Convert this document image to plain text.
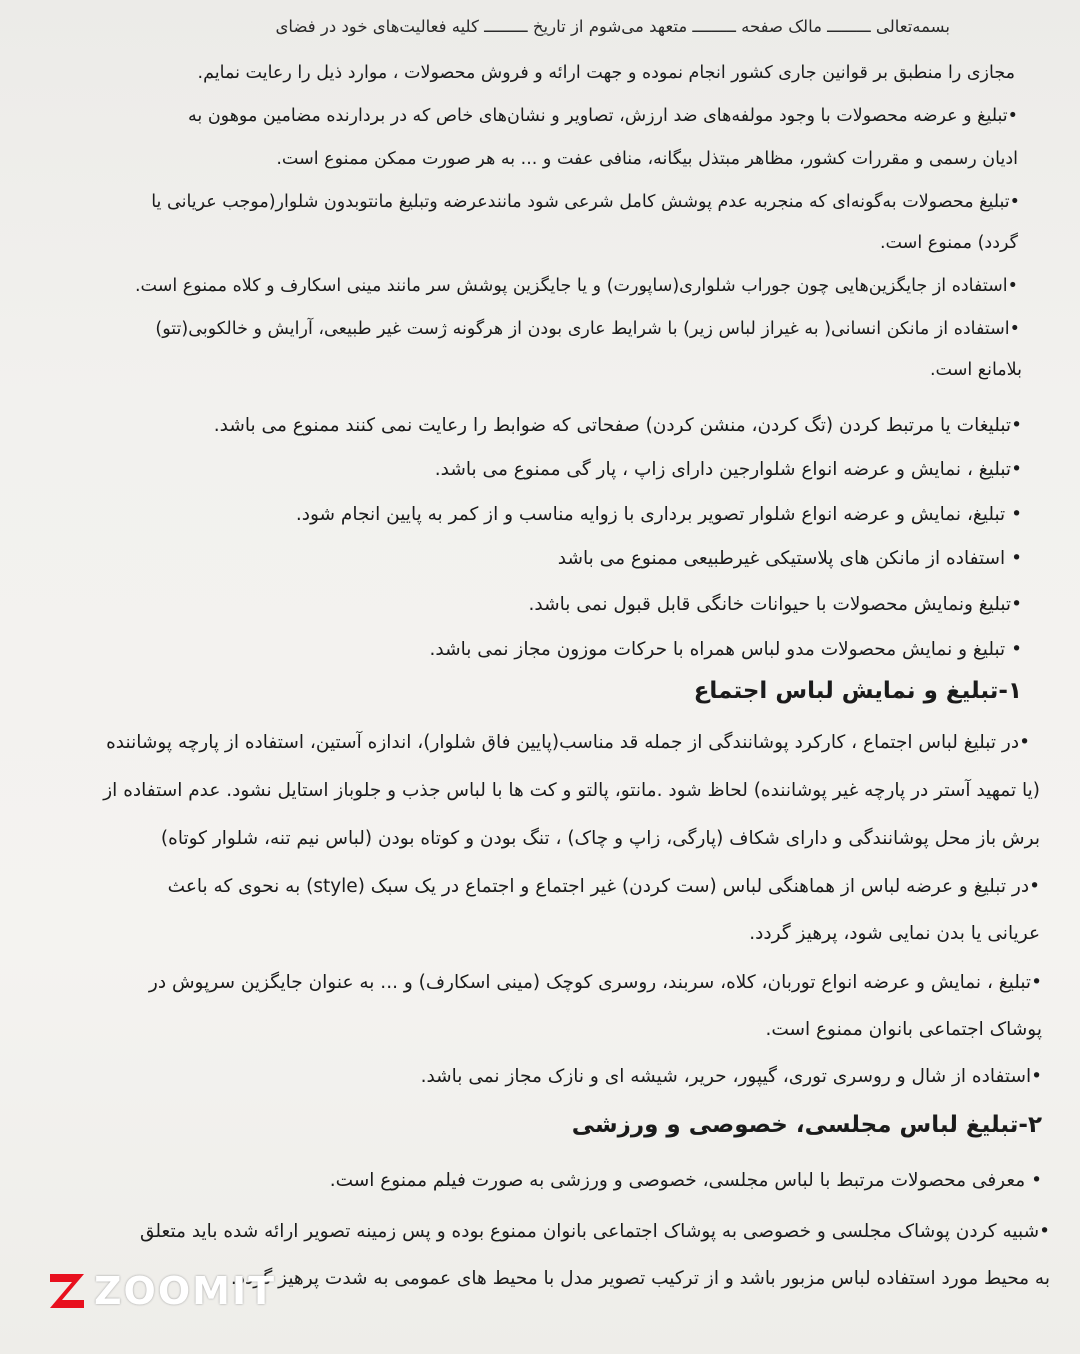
بسمه‌تعالی ـــــــــ مالک صفحه ـــــــــ متعهد می‌شوم از تاریخ ـــــــــ کلیه فعالیت‌های خود در فضای
مجازی را منطبق بر قوانین جاری کشور انجام نموده و جهت ارائه و فروش محصولات ، موارد ذیل را رعایت نمایم.
•تبلیغ و عرضه محصولات با وجود مولفه‌های ضد ارزش، تصاویر و نشان‌های خاص که در بردارنده مضامین موهون به
ادیان رسمی و مقررات کشور، مظاهر مبتذل بیگانه، منافی عفت و ... به هر صورت ممکن ممنوع است.
•تبلیغ محصولات به‌گونه‌ای که منجربه عدم پوشش کامل شرعی شود مانندعرضه وتبلیغ مانتوبدون شلوار(موجب عریانی یا
گردد) ممنوع است.
•استفاده از جایگزین‌هایی چون جوراب شلواری(ساپورت) و یا جایگزین پوشش سر مانند مینی اسکارف و کلاه ممنوع است.
•استفاده از مانکن انسانی( به غیراز لباس زیر) با شرایط عاری بودن از هرگونه ژست غیر طبیعی، آرایش و خالکوبی(تتو)
بلامانع است.
•تبلیغات یا مرتبط کردن (تگ کردن، منشن کردن) صفحاتی که ضوابط را رعایت نمی کنند ممنوع می باشد.
•تبلیغ ، نمایش و عرضه انواع شلوارجین دارای زاپ ، پار گی ممنوع می باشد.
• تبلیغ، نمایش و عرضه انواع شلوار تصویر برداری با زوایه مناسب و از کمر به پایین انجام شود.
• استفاده از مانکن های پلاستیکی غیرطبیعی ممنوع می باشد
•تبلیغ ونمایش محصولات با حیوانات خانگی قابل قبول نمی باشد.
• تبلیغ و نمایش محصولات مدو لباس همراه با حرکات موزون مجاز نمی باشد.
۱-تبلیغ و نمایش لباس اجتماع
•در تبلیغ لباس اجتماع ، کارکرد پوشانندگی از جمله قد مناسب(پایین فاق شلوار)، اندازه آستین، استفاده از پارچه پوشاننده
(یا تمهید آستر در پارچه غیر پوشاننده) لحاظ شود .مانتو، پالتو و کت ها با لباس جذب و جلوباز استایل نشود. عدم استفاده از
برش باز محل پوشانندگی و دارای شکاف (پارگی، زاپ و چاک) ، تنگ بودن و کوتاه بودن (لباس نیم تنه، شلوار کوتاه)
•در تبلیغ و عرضه لباس از هماهنگی لباس (ست کردن) غیر اجتماع و اجتماع در یک سبک (style) به نحوی که باعث
عریانی یا بدن نمایی شود، پرهیز گردد.
•تبلیغ ، نمایش و عرضه انواع توربان، کلاه، سربند، روسری کوچک (مینی اسکارف) و ... به عنوان جایگزین سرپوش در
پوشاک اجتماعی بانوان ممنوع است.
•استفاده از شال و روسری توری، گیپور، حریر، شیشه ای و نازک مجاز نمی باشد.
۲-تبلیغ لباس مجلسی، خصوصی و ورزشی
• معرفی محصولات مرتبط با لباس مجلسی، خصوصی و ورزشی به صورت فیلم ممنوع است.
•شبیه کردن پوشاک مجلسی و خصوصی به پوشاک اجتماعی بانوان ممنوع بوده و پس زمینه تصویر ارائه شده باید متعلق
به محیط مورد استفاده لباس مزبور باشد و از ترکیب تصویر مدل با محیط های عمومی به شدت پرهیز گردد.
ZOOMIT
